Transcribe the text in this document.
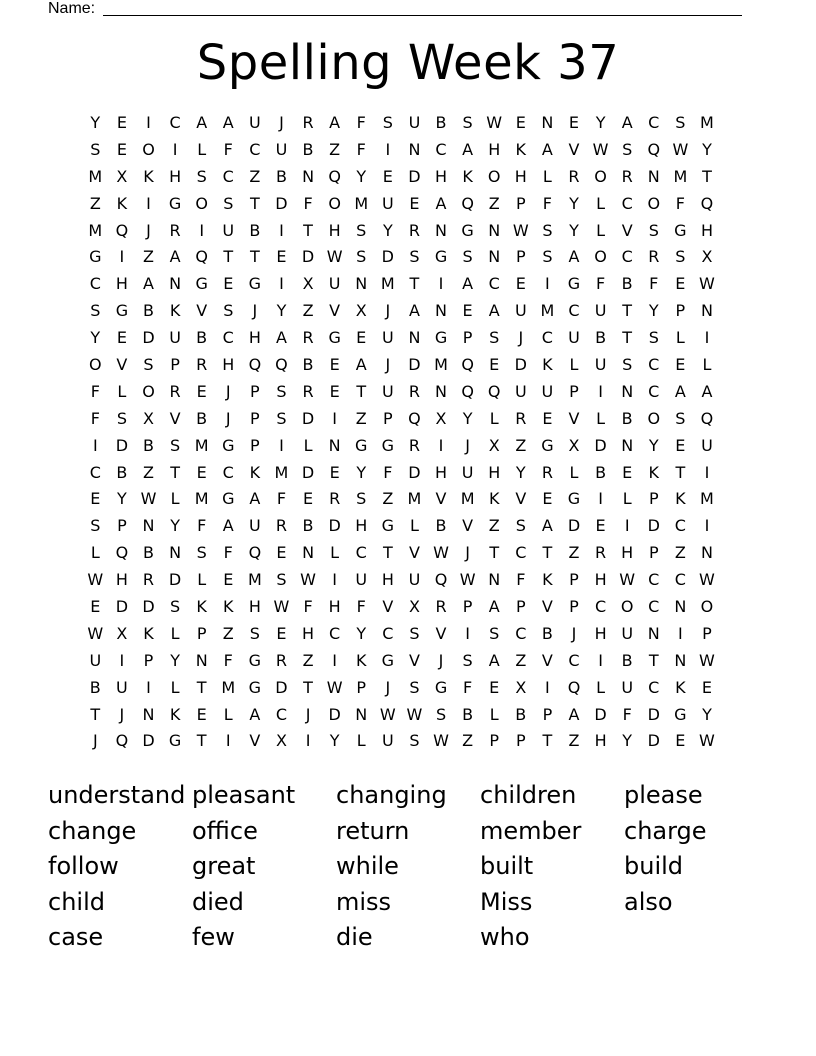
Name:
Spelling Week 37
Y	E	I	C A A U	J	R A	F	S U B	S W E N E	Y	A C S M
S	E O	I	L	F	C U B Z	F	I	N C A H K A V W S Q W Y
M X K H S C Z B N Q Y	E D H K O H	L	R O R N M T
Z K	I	G O S	T D F O M U E	A Q Z	P	F	Y	L	C O F Q
M Q	J	R	I	U B	I	T H S	Y	R N G N W S	Y	L	V	S G H
G	I	Z A Q T	T	E D W S D S G S N P	S	A O C R S	X
C H A N G E G	I	X U N M T	I	A C E	I	G F	B	F	E W
S G B K V	S	J	Y	Z V X	J	A N E	A U M C U T	Y	P N
Y	E D U B C H A R G E U N G P	S	J	C U B	T	S	L	I
O V	S	P	R H Q Q B	E	A	J	D M Q E D K	L	U S C E	L
F	L O R E	J	P	S R E	T U R N Q Q U U P	I	N C A A
F	S	X V B	J	P	S D	I	Z	P Q X	Y	L	R E	V	L	B O S Q
I	D B	S M G P	I	L	N G G R	I	J	X Z G X D N Y	E U
C B Z	T	E C K M D E	Y	F D H U H Y	R	L	B	E	K	T	I
E	Y W L M G A	F	E R S	Z M V M K V	E G	I	L	P	K M
S	P N Y	F	A U R B D H G L	B V Z	S	A D E	I	D C	I
L Q B N S	F Q E N	L	C	T	V W	J	T	C	T	Z R H P	Z N
W H R D L	E M S W	I	U H U Q W N	F	K	P H W C C W
E D D S	K	K H W F H F	V X R	P	A	P	V	P	C O C N O
W X K	L	P	Z	S	E H C	Y	C S	V	I	S C B	J	H U N	I	P
U	I	P	Y N	F G R Z	I	K G V	J	S	A Z V C	I	B	T N W
B U	I	L	T M G D T W P	J	S G F	E	X	I	Q L	U C K	E
T	J	N K	E	L	A C	J	D N W W S	B	L	B	P	A D F D G Y
J	Q D G T	I	V X	I	Y	L	U S W Z	P	P	T	Z H Y D E W
understand pleasant	changing	children	please
change	office	return	member	charge
follow	great	while	built	build
child	died	miss	Miss	also
case	few	die	who
